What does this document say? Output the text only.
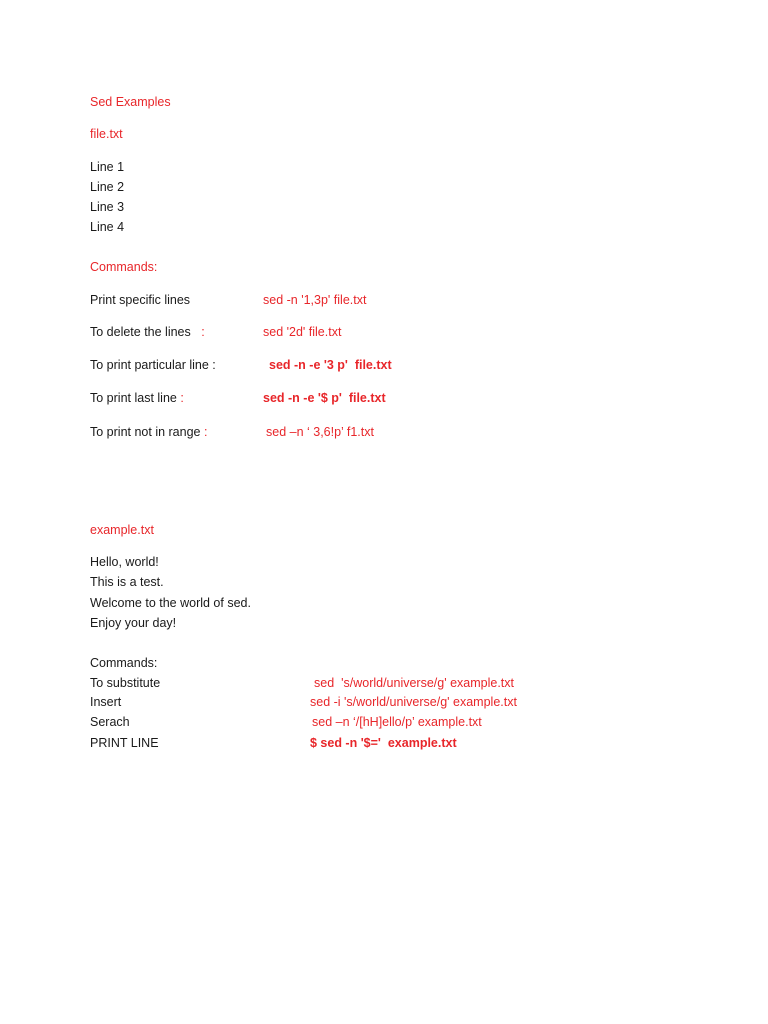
Sed Examples
file.txt
Line 1
Line 2
Line 3
Line 4
Commands:
Print specific lines	sed -n '1,3p' file.txt
To delete the lines   :	sed '2d' file.txt
To print particular line :	sed -n -e '3 p'  file.txt
To print last line :	sed -n -e '$ p'  file.txt
To print not in range :	sed –n ‘ 3,6!p’ f1.txt
example.txt
Hello, world!
This is a test.
Welcome to the world of sed.
Enjoy your day!
Commands:
To substitute	sed  's/world/universe/g' example.txt
Insert	sed -i 's/world/universe/g' example.txt
Serach	sed –n ‘/[hH]ello/p’ example.txt
PRINT LINE	$ sed -n '$='  example.txt
